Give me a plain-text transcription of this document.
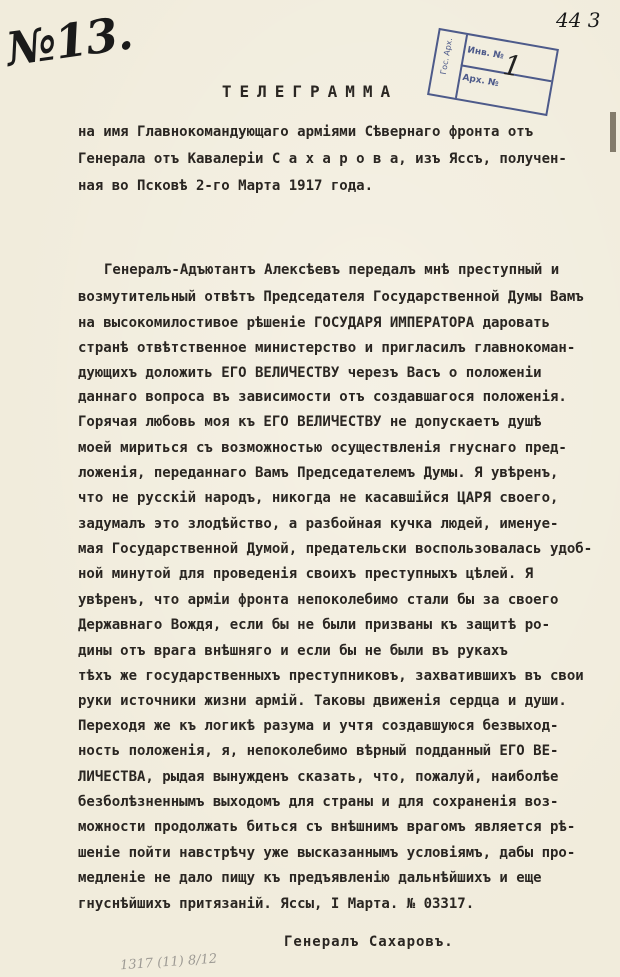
№13.	44 3
Гос. Арх. Инв. №
Арх. № 1
ТЕЛЕГРАММА
на имя Главнокомандующаго армiями Сѣвернаго фронта отъ
Генерала отъ Кавалерiи С а х а р о в а, изъ Яссъ, получен-
ная во Псковѣ 2-го Марта 1917 года.
Генералъ-Адъютантъ Алексѣевъ передалъ мнѣ преступный и
возмутительный отвѣтъ Председателя Государственной Думы Вамъ
на высокомилостивое рѣшенiе ГОСУДАРЯ ИМПЕРАТОРА даровать
странѣ отвѣтственное министерство и пригласилъ главнокоман-
дующихъ доложить ЕГО ВЕЛИЧЕСТВУ черезъ Васъ о положенiи
даннаго вопроса въ зависимости отъ создавшагося положенiя.
Горячая любовь моя къ ЕГО ВЕЛИЧЕСТВУ не допускаетъ душѣ
моей мириться съ возможностью осуществленiя гнуснаго пред-
ложенiя, переданнаго Вамъ Председателемъ Думы. Я увѣренъ,
что не русскiй народъ, никогда не касавшiйся ЦАРЯ своего,
задумалъ это злодѣйство, а разбойная кучка людей, именуе-
мая Государственной Думой, предательски воспользовалась удоб-
ной минутой для проведенiя своихъ преступныхъ цѣлей. Я
увѣренъ, что армiи фронта непоколебимо стали бы за своего
Державнаго Вождя, если бы не были призваны къ защитѣ ро-
дины отъ врага внѣшняго и если бы не были въ рукахъ
тѣхъ же государственныхъ преступниковъ, захватившихъ въ свои
руки источники жизни армiй. Таковы движенiя сердца и души.
Переходя же къ логикѣ разума и учтя создавшуюся безвыход-
ность положенiя, я, непоколебимо вѣрный подданный ЕГО ВЕ-
ЛИЧЕСТВА, рыдая вынужденъ сказать, что, пожалуй, наиболѣе
безболѣзненнымъ выходомъ для страны и для сохраненiя воз-
можности продолжать биться съ внѣшнимъ врагомъ является рѣ-
шенiе пойти навстрѣчу уже высказаннымъ условiямъ, дабы про-
медленiе не дало пищу къ предъявленiю дальнѣйшихъ и еще
гнуснѣйшихъ притязанiй. Яссы, I Марта. № 03317.
Генералъ Сахаровъ.
1317 (11) 8/12
